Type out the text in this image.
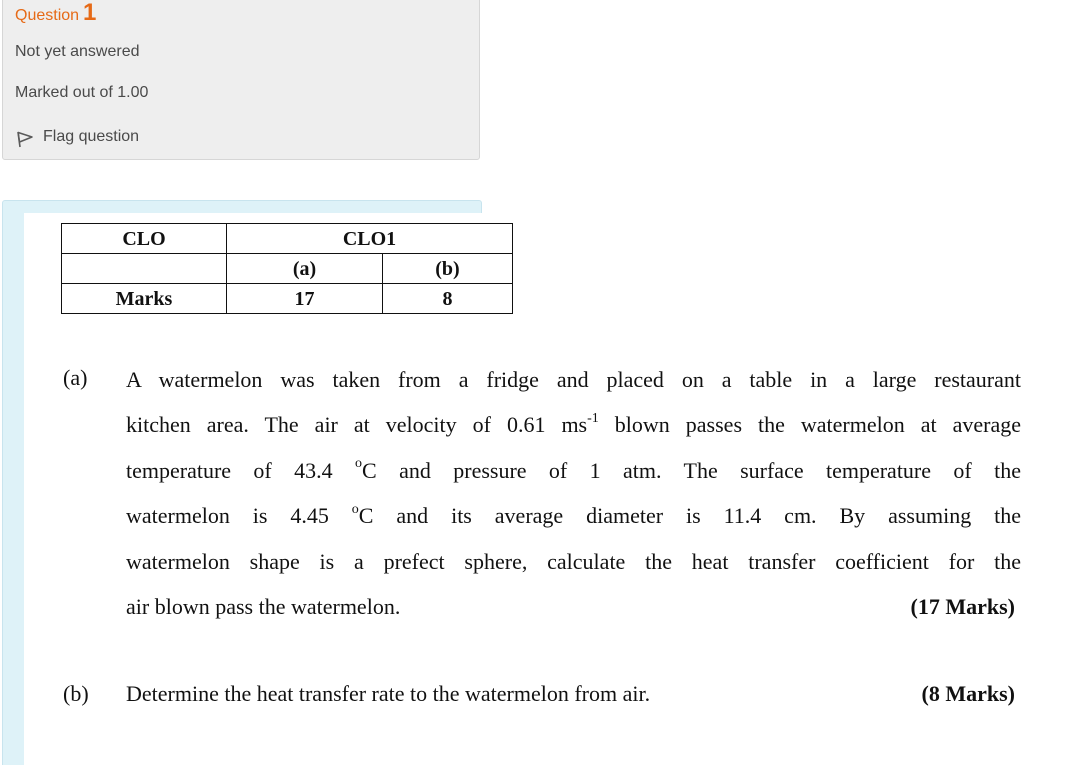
Question 1
Not yet answered
Marked out of 1.00
Flag question
CLO	CLO1	
	(a)	(b)
Marks	17	8
(a) A watermelon was taken from a fridge and placed on a table in a large restaurant
kitchen area. The air at velocity of 0.61 $ms^{-1}$ blown passes the watermelon at average
temperature of 43.4 $^o$C and pressure of 1 atm. The surface temperature of the
watermelon is 4.45 $^o$C and its average diameter is 11.4 cm. By assuming the
watermelon shape is a prefect sphere, calculate the heat transfer coefficient for the
air blown pass the watermelon.	(17 Marks)
(b) Determine the heat transfer rate to the watermelon from air.	(8 Marks)
